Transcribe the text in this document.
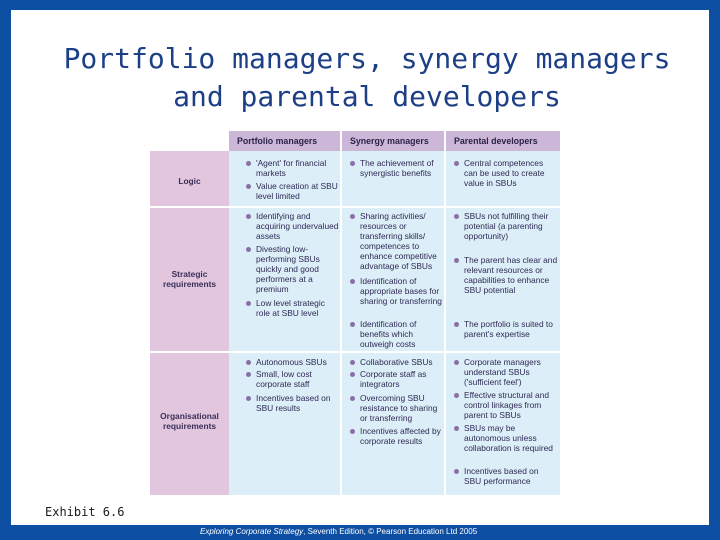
Portfolio managers, synergy managers
and parental developers
Portfolio managers	Synergy managers	Parental developers
Logic
Strategic requirements
Organisational requirements
'Agent' for financial markets
Value creation at SBU level limited
The achievement of synergistic benefits
Central competences can be used to create value in SBUs
Identifying and acquiring undervalued assets
Divesting low-performing SBUs quickly and good performers at a premium
Low level strategic role at SBU level
Sharing activities/ resources or transferring skills/ competences to enhance competitive advantage of SBUs
Identification of appropriate bases for sharing or transferring
Identification of benefits which outweigh costs
SBUs not fulfilling their potential (a parenting opportunity)
The parent has clear and relevant resources or capabilities to enhance SBU potential
The portfolio is suited to parent's expertise
Autonomous SBUs
Small, low cost corporate staff
Incentives based on SBU results
Collaborative SBUs
Corporate staff as integrators
Overcoming SBU resistance to sharing or transferring
Incentives affected by corporate results
Corporate managers understand SBUs ('sufficient feel')
Effective structural and control linkages from parent to SBUs
SBUs may be autonomous unless collaboration is required
Incentives based on SBU performance
Exhibit 6.6
Exploring Corporate Strategy, Seventh Edition, © Pearson Education Ltd 2005
